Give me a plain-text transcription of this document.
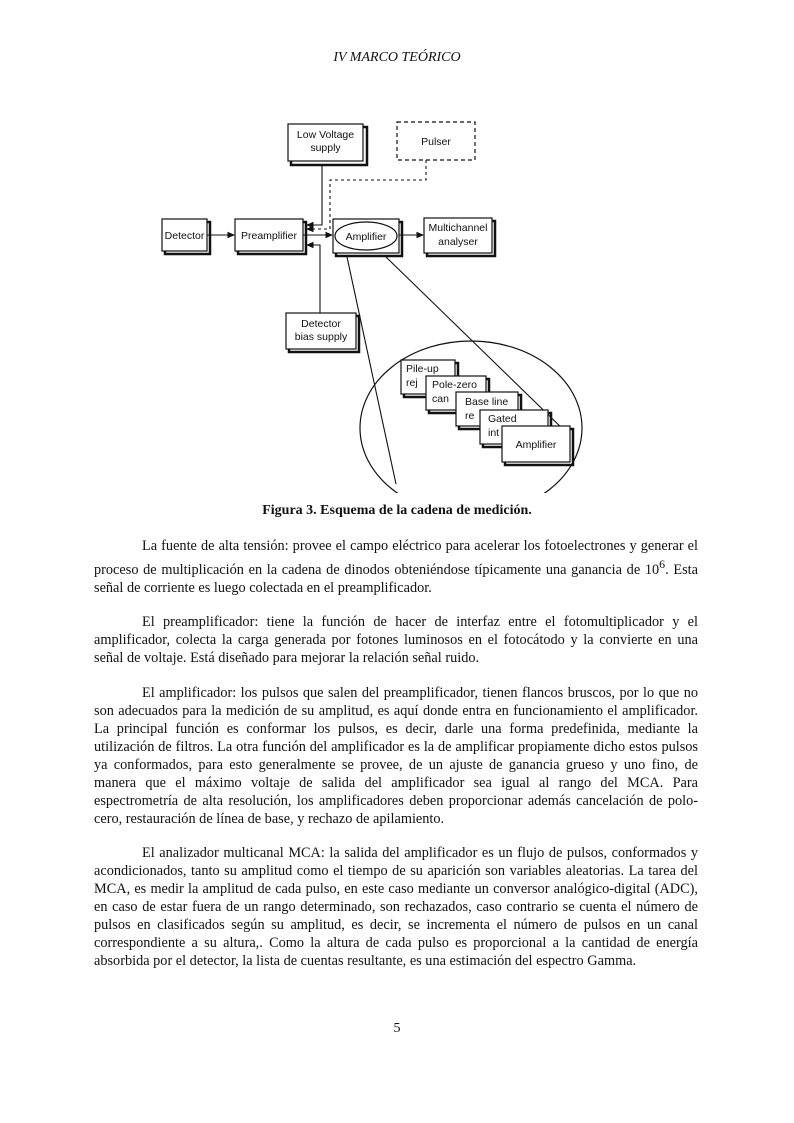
IV MARCO TEÓRICO
Low Voltage
supply	Pulser
Detector	Preamplifier	Amplifier
Multichannel
analyser
Detector
bias supply
Pile-up
rej Pole-zero
can Base line
re Gated
int
Amplifier
Figura 3. Esquema de la cadena de medición.

La fuente de alta tensión: provee el campo eléctrico para acelerar los fotoelectrones y generar el proceso de multiplicación en la cadena de dinodos obteniéndose típicamente una ganancia de $10^6$. Esta señal de corriente es luego colectada en el preamplificador.

El preamplificador: tiene la función de hacer de interfaz entre el fotomultiplicador y el amplificador, colecta la carga generada por fotones luminosos en el fotocátodo y la convierte en una señal de voltaje. Está diseñado para mejorar la relación señal ruido.

El amplificador: los pulsos que salen del preamplificador, tienen flancos bruscos, por lo que no son adecuados para la medición de su amplitud, es aquí donde entra en funcionamiento el amplificador. La principal función es conformar los pulsos, es decir, darle una forma predefinida, mediante la utilización de filtros. La otra función del amplificador es la de amplificar propiamente dicho estos pulsos ya conformados, para esto generalmente se provee, de un ajuste de ganancia grueso y uno fino, de manera que el máximo voltaje de salida del amplificador sea igual al rango del MCA. Para espectrometría de alta resolución, los amplificadores deben proporcionar además cancelación de polo-cero, restauración de línea de base, y rechazo de apilamiento.

El analizador multicanal MCA: la salida del amplificador es un flujo de pulsos, conformados y acondicionados, tanto su amplitud como el tiempo de su aparición son variables aleatorias. La tarea del MCA, es medir la amplitud de cada pulso, en este caso mediante un conversor analógico-digital (ADC), en caso de estar fuera de un rango determinado, son rechazados, caso contrario se cuenta el número de pulsos en clasificados según su amplitud, es decir, se incrementa el número de pulsos en un canal correspondiente a su altura,. Como la altura de cada pulso es proporcional a la cantidad de energía absorbida por el detector, la lista de cuentas resultante, es una estimación del espectro Gamma.

5
